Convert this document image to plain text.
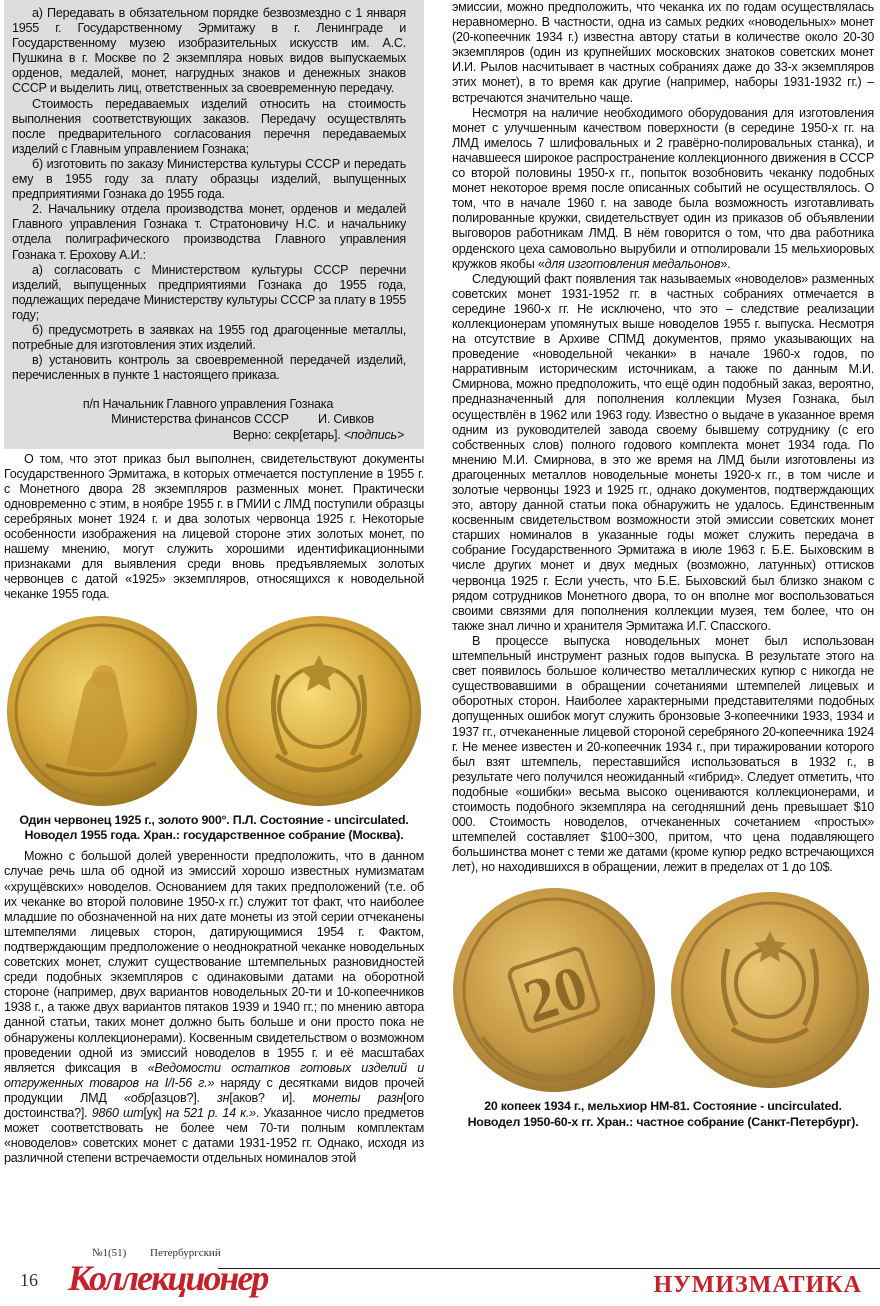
а) Передавать в обязательном порядке безвозмездно с 1 января 1955 г. Государственному Эрмитажу в г. Ленинграде и Государственному музею изобразительных искусств им. А.С. Пушкина в г. Москве по 2 экземпляра новых видов выпускаемых орденов, медалей, монет, нагрудных знаков и денежных знаков СССР и выделить лиц, ответственных за своевременную передачу.

Стоимость передаваемых изделий относить на стоимость выполнения соответствующих заказов. Передачу осуществлять после предварительного согласования перечня передаваемых изделий с Главным управлением Гознака;

б) изготовить по заказу Министерства культуры СССР и передать ему в 1955 году за плату образцы изделий, выпущенных предприятиями Гознака до 1955 года.

2. Начальнику отдела производства монет, орденов и медалей Главного управления Гознака т. Стратоновичу Н.С. и начальнику отдела полиграфического производства Главного управления Гознака т. Ерохову А.И.:

а) согласовать с Министерством культуры СССР перечни изделий, выпущенных предприятиями Гознака до 1955 года, подлежащих передаче Министерству культуры СССР за плату в 1955 году;

б) предусмотреть в заявках на 1955 год драгоценные металлы, потребные для изготовления этих изделий.

в) установить контроль за своевременной передачей изделий, перечисленных в пункте 1 настоящего приказа.

п/п Начальник Главного управления Гознака
Министерства финансов СССР         И. Сивков
Верно: секр[етарь]. <подпись>

О том, что этот приказ был выполнен, свидетельствуют документы Государственного Эрмитажа, в которых отмечается поступление в 1955 г. с Монетного двора 28 экземпляров разменных монет. Практически одновременно с этим, в ноябре 1955 г. в ГМИИ с ЛМД поступили образцы серебряных монет 1924 г. и два золотых червонца 1925 г. Некоторые особенности изображения на лицевой стороне этих золотых монет, по нашему мнению, могут служить хорошими идентификационными признаками для выявления среди вновь предъявляемых золотых червонцев с датой «1925» экземпляров, относящихся к новодельной чеканке 1955 года.

Один червонец 1925 г., золото 900°. П.Л. Состояние - uncirculated.
Новодел 1955 года. Хран.: государственное собрание (Москва).

Можно с большой долей уверенности предположить, что в данном случае речь шла об одной из эмиссий хорошо известных нумизматам «хрущёвских» новоделов. Основанием для таких предположений (т.е. об их чеканке во второй половине 1950-х гг.) служит тот факт, что наиболее младшие по обозначенной на них дате монеты из этой серии отчеканены штемпелями лицевых сторон, датирующимися 1954 г. Фактом, подтверждающим предположение о неоднократной чеканке новодельных советских монет, служит существование штемпельных разновидностей среди подобных экземпляров с одинаковыми датами на оборотной стороне (например, двух вариантов новодельных 20-ти и 10-копеечников 1938 г., а также двух вариантов пятаков 1939 и 1940 гг.; по мнению автора данной статьи, таких монет должно быть больше и они просто пока не обнаружены коллекционерами). Косвенным свидетельством о возможном проведении одной из эмиссий новоделов в 1955 г. и её масштабах является фиксация в «Ведомости остатков готовых изделий и отгруженных товаров на I/I-56 г.» наряду с десятками видов прочей продукции ЛМД «обр[азцов?]. зн[аков? и]. монеты разн[ого достоинства?]. 9860 шт[ук] на 521 р. 14 к.». Указанное число предметов может соответствовать не более чем 70-ти полным комплектам «новоделов» советских монет с датами 1931-1952 гг. Однако, исходя из различной степени встречаемости отдельных номиналов этой

эмиссии, можно предположить, что чеканка их по годам осуществлялась неравномерно. В частности, одна из самых редких «новодельных» монет (20-копеечник 1934 г.) известна автору статьи в количестве около 20-30 экземпляров (один из крупнейших московских знатоков советских монет И.И. Рылов насчитывает в частных собраниях даже до 33-х экземпляров этих монет), в то время как другие (например, наборы 1931-1932 гг.) – встречаются значительно чаще.

Несмотря на наличие необходимого оборудования для изготовления монет с улучшенным качеством поверхности (в середине 1950-х гг. на ЛМД имелось 7 шлифовальных и 2 гравёрно-полировальных станка), и начавшееся широкое распространение коллекционного движения в СССР со второй половины 1950-х гг., попыток возобновить чеканку подобных монет некоторое время после описанных событий не осуществлялось. О том, что в начале 1960 г. на заводе была возможность изготавливать полированные кружки, свидетельствует один из приказов об объявлении выговоров работникам ЛМД. В нём говорится о том, что два работника орденского цеха самовольно вырубили и отполировали 15 мельхиоровых кружков якобы «для изготовления медальонов».

Следующий факт появления так называемых «новоделов» разменных советских монет 1931-1952 гг. в частных собраниях отмечается в середине 1960-х гг. Не исключено, что это – следствие реализации коллекционерам упомянутых выше новоделов 1955 г. выпуска. Несмотря на отсутствие в Архиве СПМД документов, прямо указывающих на проведение «новодельной чеканки» в начале 1960-х годов, по нарративным историческим источникам, а также по данным М.И. Смирнова, можно предположить, что ещё один подобный заказ, вероятно, предназначенный для пополнения коллекции Музея Гознака, был осуществлён в 1962 или 1963 году. Известно о выдаче в указанное время одним из руководителей завода своему бывшему сотруднику (с его собственных слов) полного годового комплекта монет 1934 года. По мнению М.И. Смирнова, в это же время на ЛМД были изготовлены из драгоценных металлов новодельные монеты 1920-х гг., в том числе и золотые червонцы 1923 и 1925 гг., однако документов, подтверждающих это, автору данной статьи пока обнаружить не удалось. Единственным косвенным свидетельством возможности этой эмиссии советских монет старших номиналов в указанные годы может служить передача в собрание Государственного Эрмитажа в июле 1963 г. Б.Е. Быховским в числе других монет и двух медных (возможно, латунных) оттисков червонца 1925 г. Если учесть, что Б.Е. Быховский был близко знаком с рядом сотрудников Монетного двора, то он вполне мог воспользоваться своими связями для пополнения коллекции музея, тем более, что он также знал лично и хранителя Эрмитажа И.Г. Спасского.

В процессе выпуска новодельных монет был использован штемпельный инструмент разных годов выпуска. В результате этого на свет появилось большое количество металлических купюр с никогда не существовавшими в обращении сочетаниями штемпелей лицевых и оборотных сторон. Наиболее характерными представителями подобных допущенных ошибок могут служить бронзовые 3-копеечники 1933, 1934 и 1937 гг., отчеканенные лицевой стороной серебряного 20-копеечника 1924 г. Не менее известен и 20-копеечник 1934 г., при тиражировании которого был взят штемпель, переставшийся использоваться в 1932 г., в результате чего получился неожиданный «гибрид». Следует отметить, что подобные «ошибки» весьма высоко оцениваются коллекционерами, и стоимость подобного экземпляра на сегодняшний день превышает $10 000. Стоимость новоделов, отчеканенных сочетанием «простых» штемпелей составляет $100÷300, притом, что цена подавляющего большинства монет с теми же датами (кроме купюр редко встречающихся лет), но находившихся в обращении, лежит в пределах от 1 до 10$.

20
20 копеек 1934 г., мельхиор НМ-81. Состояние - uncirculated.
Новодел 1950-60-х гг. Хран.: частное собрание (Санкт-Петербург).
16
№1(51) Петербургский
Коллекционер	НУМИЗМАТИКА
